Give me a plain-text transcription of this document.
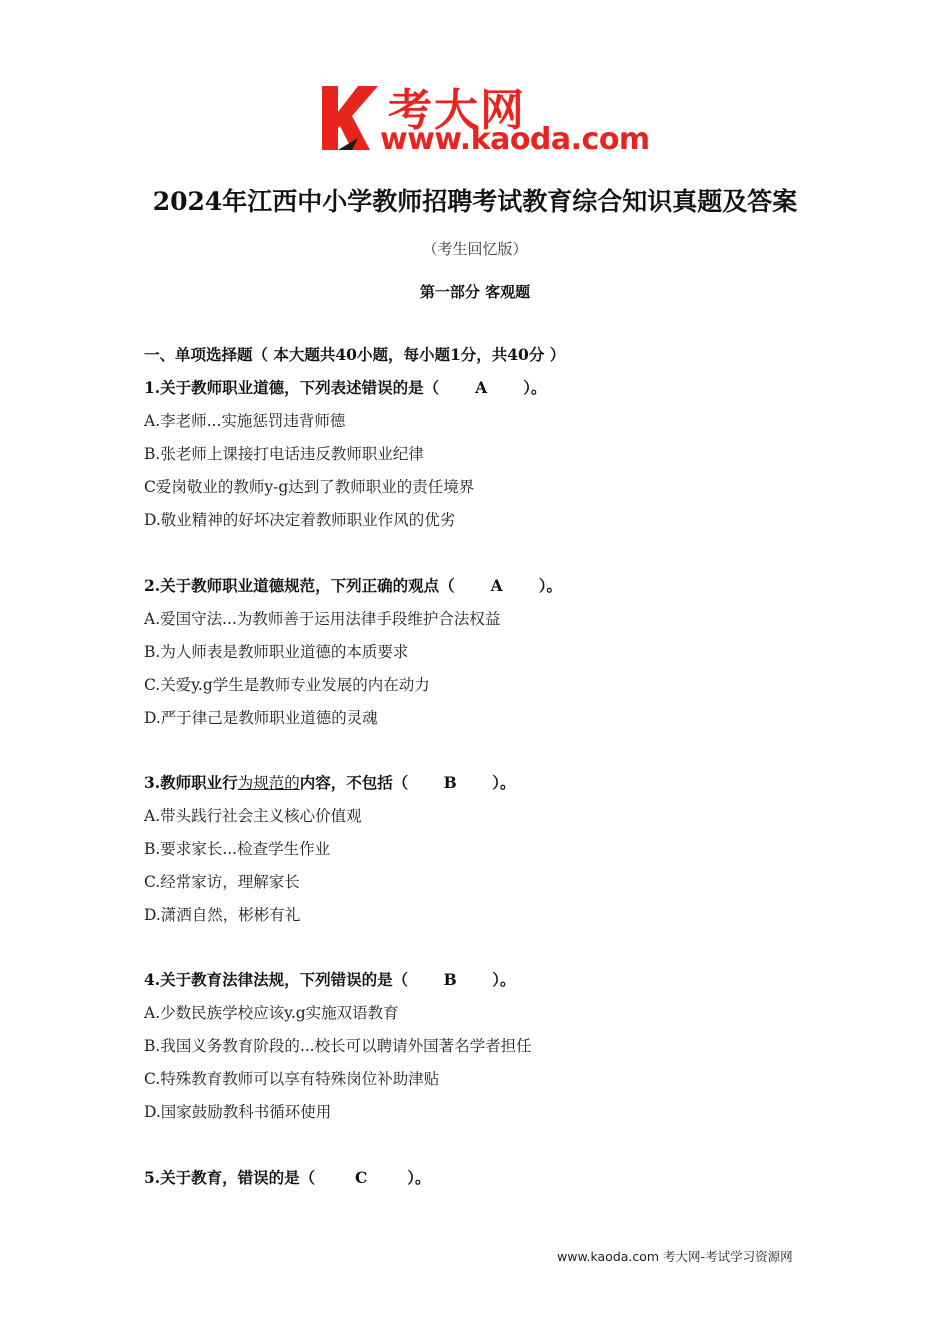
考大网
www.kaoda.com
2024年江西中小学教师招聘考试教育综合知识真题及答案
（考生回忆版）
第一部分 客观题
一、单项选择题（ 本大题共40小题，每小题1分，共40分 ）
1.关于教师职业道德，下列表述错误的是（ A ）。
A.李老师...实施惩罚违背师德
B.张老师上课接打电话违反教师职业纪律
C爱岗敬业的教师y-g达到了教师职业的责任境界
D.敬业精神的好坏决定着教师职业作风的优劣
2.关于教师职业道德规范，下列正确的观点（ A ）。
A.爱国守法...为教师善于运用法律手段维护合法权益
B.为人师表是教师职业道德的本质要求
C.关爱y.g学生是教师专业发展的内在动力
D.严于律己是教师职业道德的灵魂
3.教师职业行为规范的内容，不包括（ B ）。
A.带头践行社会主义核心价值观
B.要求家长...检查学生作业
C.经常家访，理解家长
D.潇洒自然，彬彬有礼
4.关于教育法律法规，下列错误的是（ B ）。
A.少数民族学校应该y.g实施双语教育
B.我国义务教育阶段的...校长可以聘请外国著名学者担任
C.特殊教育教师可以享有特殊岗位补助津贴
D.国家鼓励教科书循环使用
5.关于教育，错误的是（	C	）。
www.kaoda.com 考大网-考试学习资源网
